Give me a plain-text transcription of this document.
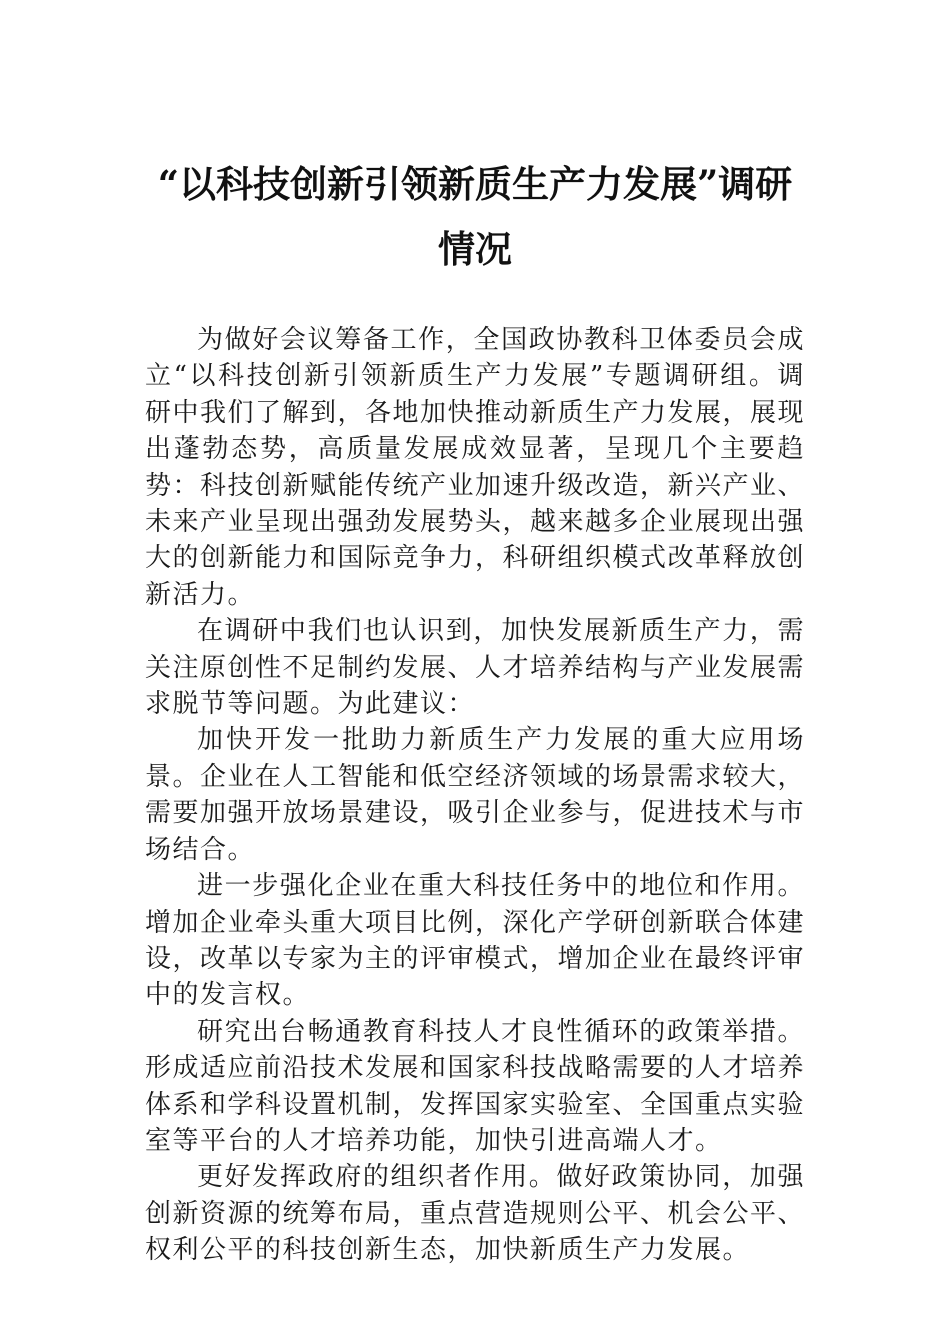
“以科技创新引领新质生产力发展”调研情况

为做好会议筹备工作，全国政协教科卫体委员会成立“以科技创新引领新质生产力发展”专题调研组。调研中我们了解到，各地加快推动新质生产力发展，展现出蓬勃态势，高质量发展成效显著，呈现几个主要趋势：科技创新赋能传统产业加速升级改造，新兴产业、未来产业呈现出强劲发展势头，越来越多企业展现出强大的创新能力和国际竞争力，科研组织模式改革释放创新活力。

在调研中我们也认识到，加快发展新质生产力，需关注原创性不足制约发展、人才培养结构与产业发展需求脱节等问题。为此建议：

加快开发一批助力新质生产力发展的重大应用场景。企业在人工智能和低空经济领域的场景需求较大，需要加强开放场景建设，吸引企业参与，促进技术与市场结合。

进一步强化企业在重大科技任务中的地位和作用。增加企业牵头重大项目比例，深化产学研创新联合体建设，改革以专家为主的评审模式，增加企业在最终评审中的发言权。

研究出台畅通教育科技人才良性循环的政策举措。形成适应前沿技术发展和国家科技战略需要的人才培养体系和学科设置机制，发挥国家实验室、全国重点实验室等平台的人才培养功能，加快引进高端人才。

更好发挥政府的组织者作用。做好政策协同，加强创新资源的统筹布局，重点营造规则公平、机会公平、权利公平的科技创新生态，加快新质生产力发展。
